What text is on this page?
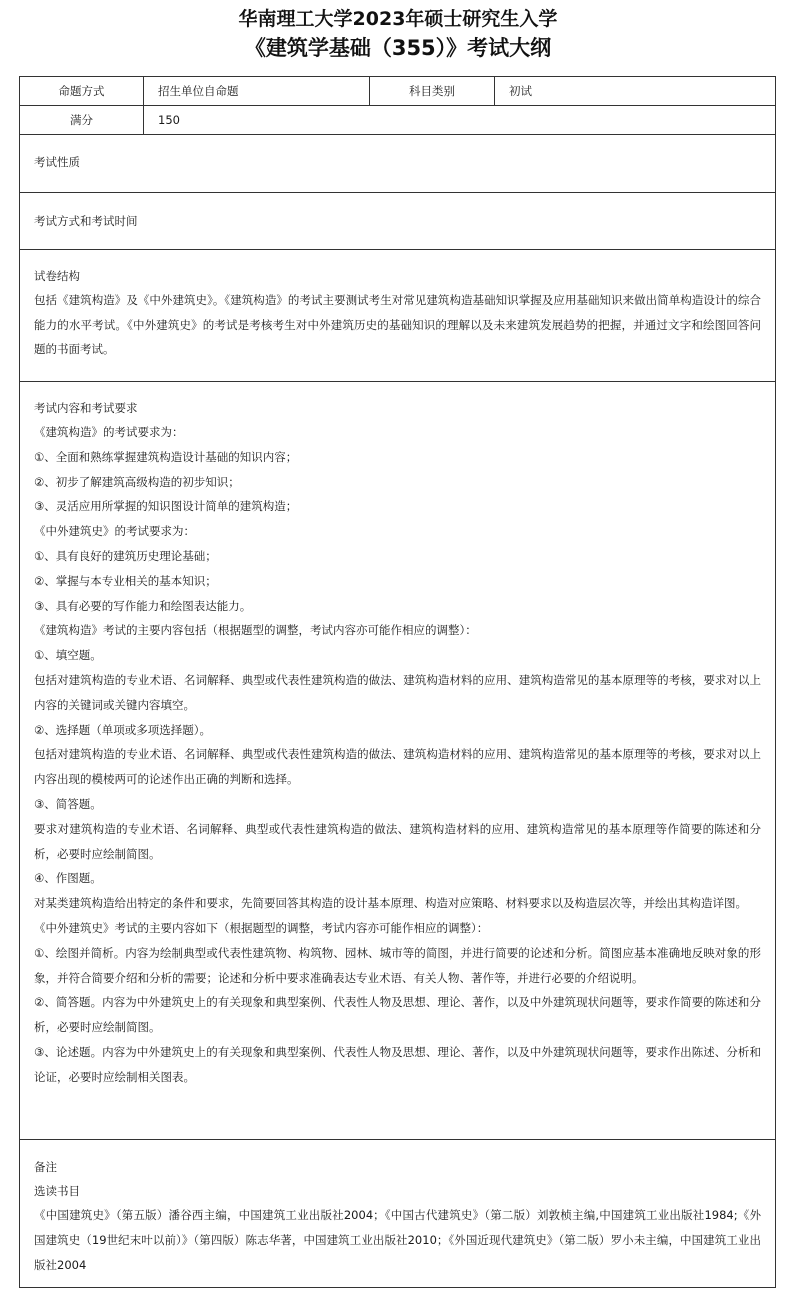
华南理工大学2023年硕士研究生入学
《建筑学基础（355）》考试大纲
命题方式	招生单位自命题	科目类别	初试
满分	150
考试性质
考试方式和考试时间
试卷结构

包括《建筑构造》及《中外建筑史》。《建筑构造》的考试主要测试考生对常见建筑构造基础知识掌握及应用基础知识来做出简单构造设计的综合能力的水平考试。《中外建筑史》的考试是考核考生对中外建筑历史的基础知识的理解以及未来建筑发展趋势的把握，并通过文字和绘图回答问题的书面考试。

考试内容和考试要求

《建筑构造》的考试要求为：

①、全面和熟练掌握建筑构造设计基础的知识内容；

②、初步了解建筑高级构造的初步知识；

③、灵活应用所掌握的知识图设计简单的建筑构造；

《中外建筑史》的考试要求为：

①、具有良好的建筑历史理论基础；

②、掌握与本专业相关的基本知识；

③、具有必要的写作能力和绘图表达能力。

《建筑构造》考试的主要内容包括（根据题型的调整，考试内容亦可能作相应的调整）：

①、填空题。

包括对建筑构造的专业术语、名词解释、典型或代表性建筑构造的做法、建筑构造材料的应用、建筑构造常见的基本原理等的考核，要求对以上内容的关键词或关键内容填空。

②、选择题（单项或多项选择题）。

包括对建筑构造的专业术语、名词解释、典型或代表性建筑构造的做法、建筑构造材料的应用、建筑构造常见的基本原理等的考核，要求对以上内容出现的模棱两可的论述作出正确的判断和选择。

③、简答题。

要求对建筑构造的专业术语、名词解释、典型或代表性建筑构造的做法、建筑构造材料的应用、建筑构造常见的基本原理等作简要的陈述和分析，必要时应绘制简图。

④、作图题。

对某类建筑构造给出特定的条件和要求，先简要回答其构造的设计基本原理、构造对应策略、材料要求以及构造层次等，并绘出其构造详图。

《中外建筑史》考试的主要内容如下（根据题型的调整，考试内容亦可能作相应的调整）：

①、绘图并简析。内容为绘制典型或代表性建筑物、构筑物、园林、城市等的简图，并进行简要的论述和分析。简图应基本准确地反映对象的形象，并符合简要介绍和分析的需要；论述和分析中要求准确表达专业术语、有关人物、著作等，并进行必要的介绍说明。

②、简答题。内容为中外建筑史上的有关现象和典型案例、代表性人物及思想、理论、著作，以及中外建筑现状问题等，要求作简要的陈述和分析，必要时应绘制简图。

③、论述题。内容为中外建筑史上的有关现象和典型案例、代表性人物及思想、理论、著作，以及中外建筑现状问题等，要求作出陈述、分析和论证，必要时应绘制相关图表。

备注
选读书目

《中国建筑史》（第五版）潘谷西主编，中国建筑工业出版社2004；《中国古代建筑史》（第二版）刘敦桢主编,中国建筑工业出版社1984;《外国建筑史（19世纪末叶以前）》（第四版）陈志华著，中国建筑工业出版社2010；《外国近现代建筑史》（第二版）罗小未主编，中国建筑工业出版社2004
